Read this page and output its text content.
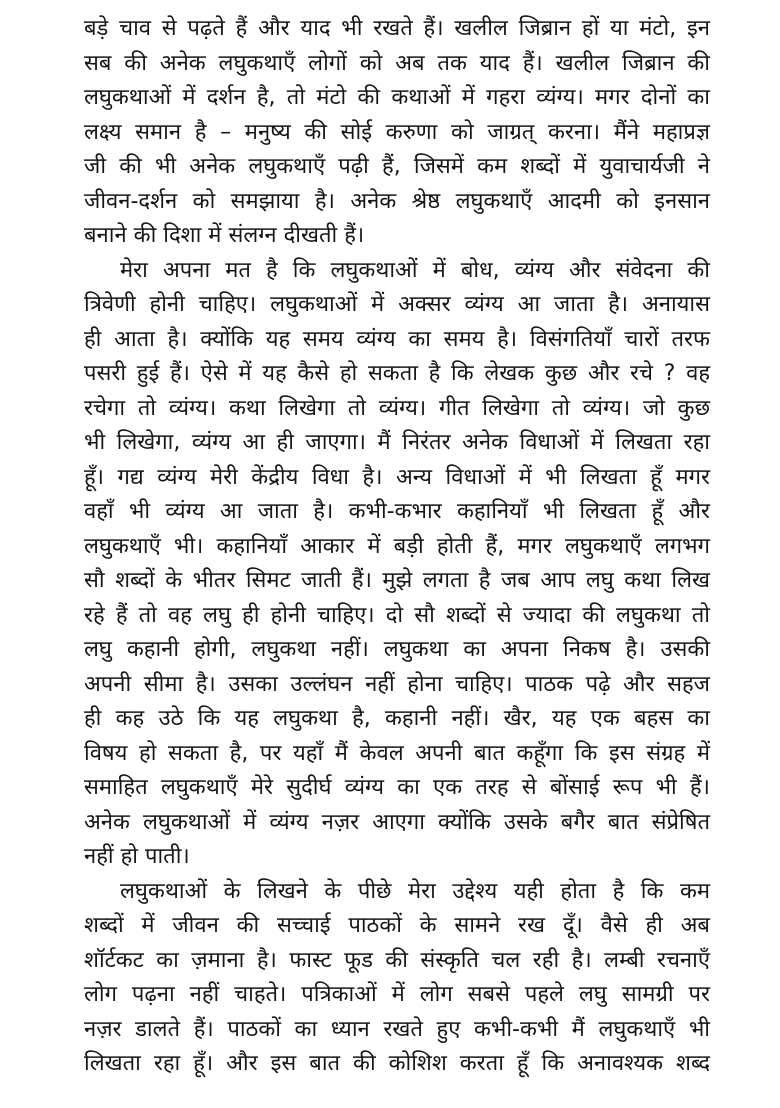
बड़े चाव से पढ़ते हैं और याद भी रखते हैं। खलील जिब्रान हों या मंटो, इन
सब की अनेक लघुकथाएँ लोगों को अब तक याद हैं। खलील जिब्रान की
लघुकथाओं में दर्शन है, तो मंटो की कथाओं में गहरा व्यंग्य। मगर दोनों का
लक्ष्य समान है – मनुष्य की सोई करुणा को जाग्रत् करना। मैंने महाप्रज्ञ
जी की भी अनेक लघुकथाएँ पढ़ी हैं, जिसमें कम शब्दों में युवाचार्यजी ने
जीवन-दर्शन को समझाया है। अनेक श्रेष्ठ लघुकथाएँ आदमी को इनसान
बनाने की दिशा में संलग्न दीखती हैं।
मेरा अपना मत है कि लघुकथाओं में बोध, व्यंग्य और संवेदना की
त्रिवेणी होनी चाहिए। लघुकथाओं में अक्सर व्यंग्य आ जाता है। अनायास
ही आता है। क्योंकि यह समय व्यंग्य का समय है। विसंगतियाँ चारों तरफ
पसरी हुई हैं। ऐसे में यह कैसे हो सकता है कि लेखक कुछ और रचे ? वह
रचेगा तो व्यंग्य। कथा लिखेगा तो व्यंग्य। गीत लिखेगा तो व्यंग्य। जो कुछ
भी लिखेगा, व्यंग्य आ ही जाएगा। मैं निरंतर अनेक विधाओं में लिखता रहा
हूँ। गद्य व्यंग्य मेरी केंद्रीय विधा है। अन्य विधाओं में भी लिखता हूँ मगर
वहाँ भी व्यंग्य आ जाता है। कभी-कभार कहानियाँ भी लिखता हूँ और
लघुकथाएँ भी। कहानियाँ आकार में बड़ी होती हैं, मगर लघुकथाएँ लगभग
सौ शब्दों के भीतर सिमट जाती हैं। मुझे लगता है जब आप लघु कथा लिख
रहे हैं तो वह लघु ही होनी चाहिए। दो सौ शब्दों से ज्यादा की लघुकथा तो
लघु कहानी होगी, लघुकथा नहीं। लघुकथा का अपना निकष है। उसकी
अपनी सीमा है। उसका उल्लंघन नहीं होना चाहिए। पाठक पढ़े और सहज
ही कह उठे कि यह लघुकथा है, कहानी नहीं। खैर, यह एक बहस का
विषय हो सकता है, पर यहाँ मैं केवल अपनी बात कहूँगा कि इस संग्रह में
समाहित लघुकथाएँ मेरे सुदीर्घ व्यंग्य का एक तरह से बोंसाई रूप भी हैं।
अनेक लघुकथाओं में व्यंग्य नज़र आएगा क्योंकि उसके बगैर बात संप्रेषित
नहीं हो पाती।
लघुकथाओं के लिखने के पीछे मेरा उद्देश्य यही होता है कि कम
शब्दों में जीवन की सच्चाई पाठकों के सामने रख दूँ। वैसे ही अब
शॉर्टकट का ज़माना है। फास्ट फूड की संस्कृति चल रही है। लम्बी रचनाएँ
लोग पढ़ना नहीं चाहते। पत्रिकाओं में लोग सबसे पहले लघु सामग्री पर
नज़र डालते हैं। पाठकों का ध्यान रखते हुए कभी-कभी मैं लघुकथाएँ भी
लिखता रहा हूँ। और इस बात की कोशिश करता हूँ कि अनावश्यक शब्द
